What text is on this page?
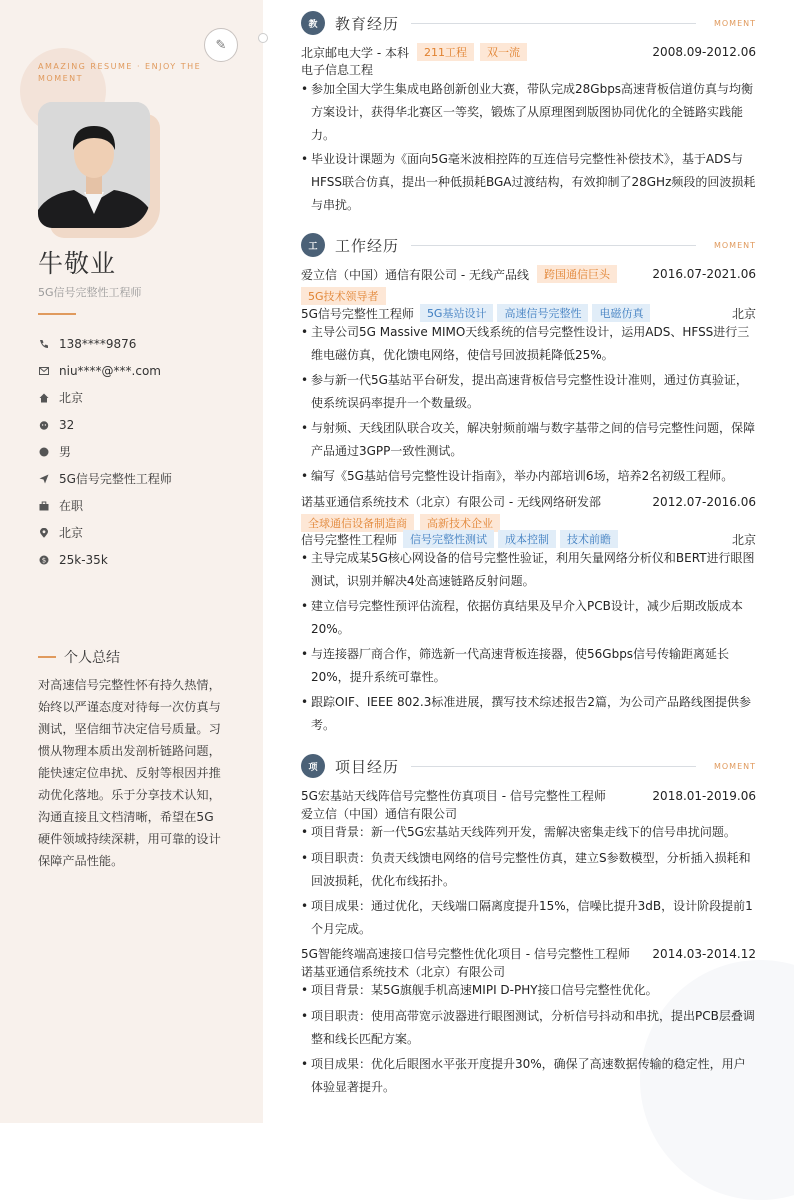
✎
AMAZING RESUME · ENJOY THE MOMENT
牛敬业
5G信号完整性工程师
138****9876
niu****@***.com
北京
32
男
5G信号完整性工程师
在职
北京
$ 25k-35k
个人总结
对高速信号完整性怀有持久热情，始终以严谨态度对待每一次仿真与测试，坚信细节决定信号质量。习惯从物理本质出发剖析链路问题，能快速定位串扰、反射等根因并推动优化落地。乐于分享技术认知，沟通直接且文档清晰，希望在5G硬件领域持续深耕，用可靠的设计保障产品性能。
教	教育经历	MOMENT
北京邮电大学 - 本科	211工程	双一流	2008.09-2012.06
电子信息工程
• 参加全国大学生集成电路创新创业大赛，带队完成28Gbps高速背板信道仿真与均衡方案设计，获得华北赛区一等奖，锻炼了从原理图到版图协同优化的全链路实践能力。
• 毕业设计课题为《面向5G毫米波相控阵的互连信号完整性补偿技术》，基于ADS与HFSS联合仿真，提出一种低损耗BGA过渡结构，有效抑制了28GHz频段的回波损耗与串扰。
工	工作经历	MOMENT
爱立信（中国）通信有限公司 - 无线产品线	跨国通信巨头	2016.07-2021.06
5G技术领导者
5G信号完整性工程师	5G基站设计	高速信号完整性	电磁仿真	北京
• 主导公司5G Massive MIMO天线系统的信号完整性设计，运用ADS、HFSS进行三维电磁仿真，优化馈电网络，使信号回波损耗降低25%。
• 参与新一代5G基站平台研发，提出高速背板信号完整性设计准则，通过仿真验证，使系统误码率提升一个数量级。
• 与射频、天线团队联合攻关，解决射频前端与数字基带之间的信号完整性问题，保障产品通过3GPP一致性测试。
• 编写《5G基站信号完整性设计指南》，举办内部培训6场，培养2名初级工程师。
诺基亚通信系统技术（北京）有限公司 - 无线网络研发部	2012.07-2016.06
全球通信设备制造商	高新技术企业
信号完整性工程师	信号完整性测试	成本控制	技术前瞻	北京
• 主导完成某5G核心网设备的信号完整性验证，利用矢量网络分析仪和BERT进行眼图测试，识别并解决4处高速链路反射问题。
• 建立信号完整性预评估流程，依据仿真结果及早介入PCB设计，减少后期改版成本20%。
• 与连接器厂商合作，筛选新一代高速背板连接器，使56Gbps信号传输距离延长20%，提升系统可靠性。
• 跟踪OIF、IEEE 802.3标准进展，撰写技术综述报告2篇，为公司产品路线图提供参考。
项	项目经历	MOMENT
5G宏基站天线阵信号完整性仿真项目 - 信号完整性工程师	2018.01-2019.06
爱立信（中国）通信有限公司
• 项目背景：新一代5G宏基站天线阵列开发，需解决密集走线下的信号串扰问题。
• 项目职责：负责天线馈电网络的信号完整性仿真，建立S参数模型，分析插入损耗和回波损耗，优化布线拓扑。
• 项目成果：通过优化，天线端口隔离度提升15%，信噪比提升3dB，设计阶段提前1个月完成。
5G智能终端高速接口信号完整性优化项目 - 信号完整性工程师 2014.03-2014.12
诺基亚通信系统技术（北京）有限公司
• 项目背景：某5G旗舰手机高速MIPI D-PHY接口信号完整性优化。
• 项目职责：使用高带宽示波器进行眼图测试，分析信号抖动和串扰，提出PCB层叠调整和线长匹配方案。
• 项目成果：优化后眼图水平张开度提升30%，确保了高速数据传输的稳定性，用户体验显著提升。
